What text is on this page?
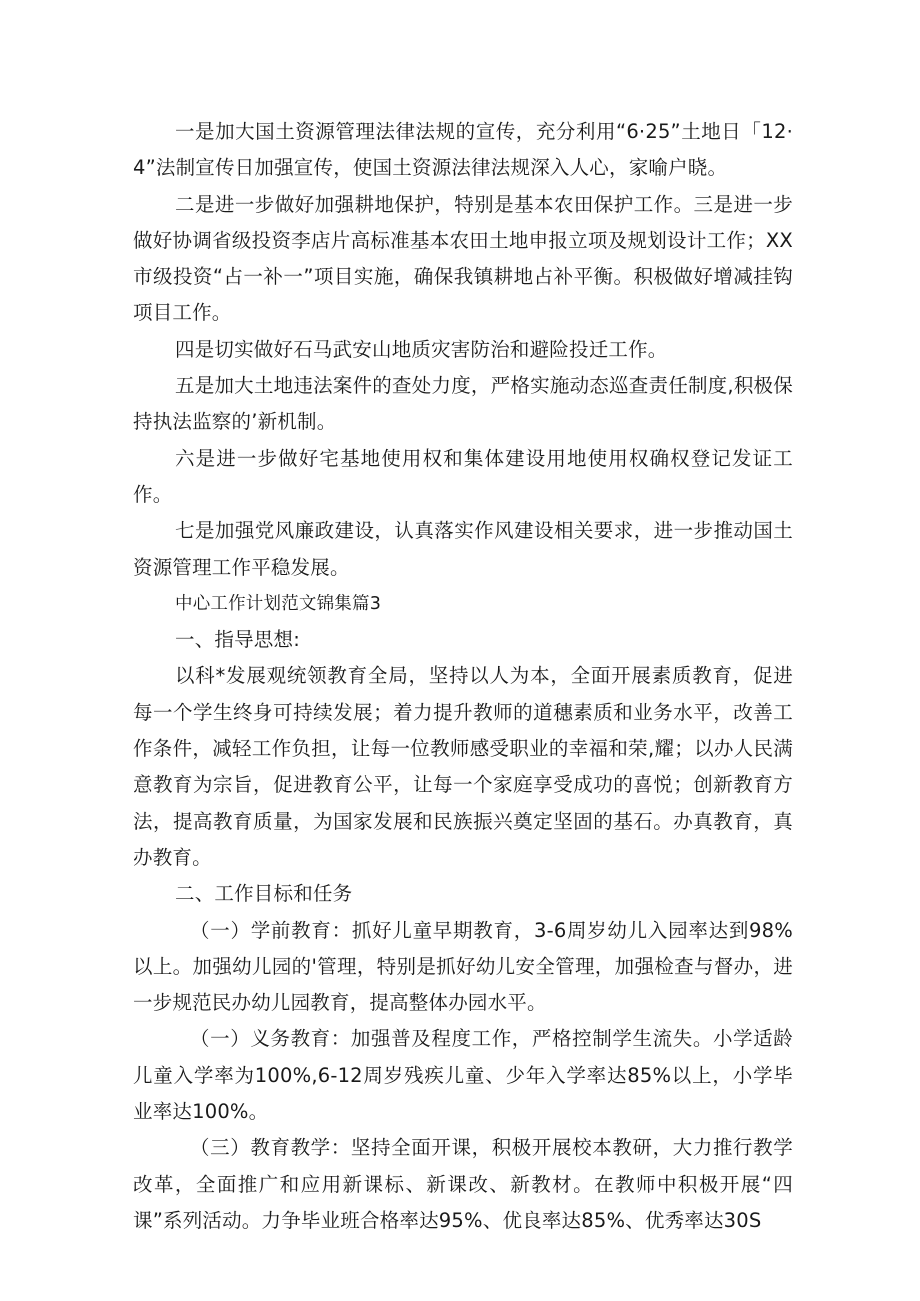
一是加大国土资源管理法律法规的宣传，充分利用“6·25”土地日「12·4”法制宣传日加强宣传，使国土资源法律法规深入人心，家喻户晓。

二是进一步做好加强耕地保护，特别是基本农田保护工作。三是进一步做好协调省级投资李店片高标准基本农田土地申报立项及规划设计工作；XX市级投资“占一补一”项目实施，确保我镇耕地占补平衡。积极做好增减挂钩项目工作。

四是切实做好石马武安山地质灾害防治和避险投迁工作。

五是加大土地违法案件的查处力度，严格实施动态巡查责任制度,积极保持执法监察的’新机制。

六是进一步做好宅基地使用权和集体建设用地使用权确权登记发证工作。

七是加强党风廉政建设，认真落实作风建设相关要求，进一步推动国土资源管理工作平稳发展。

中心工作计划范文锦集篇3

一、指导思想:

以科*发展观统领教育全局，坚持以人为本，全面开展素质教育，促进每一个学生终身可持续发展；着力提升教师的道穗素质和业务水平，改善工作条件，减轻工作负担，让每一位教师感受职业的幸福和荣,耀；以办人民满意教育为宗旨，促进教育公平，让每一个家庭享受成功的喜悦；创新教育方法，提高教育质量，为国家发展和民族振兴奠定坚固的基石。办真教育，真办教育。

二、工作目标和任务

（一）学前教育：抓好儿童早期教育，3-6周岁幼儿入园率达到98%以上。加强幼儿园的'管理，特别是抓好幼儿安全管理，加强检查与督办，进一步规范民办幼儿园教育，提高整体办园水平。

（一）义务教育：加强普及程度工作，严格控制学生流失。小学适龄儿童入学率为100%,6-12周岁残疾儿童、少年入学率达85%以上，小学毕业率达100%。

（三）教育教学：坚持全面开课，积极开展校本教研，大力推行教学改革，全面推广和应用新课标、新课改、新教材。在教师中积极开展“四课”系列活动。力争毕业班合格率达95%、优良率达85%、优秀率达30S
